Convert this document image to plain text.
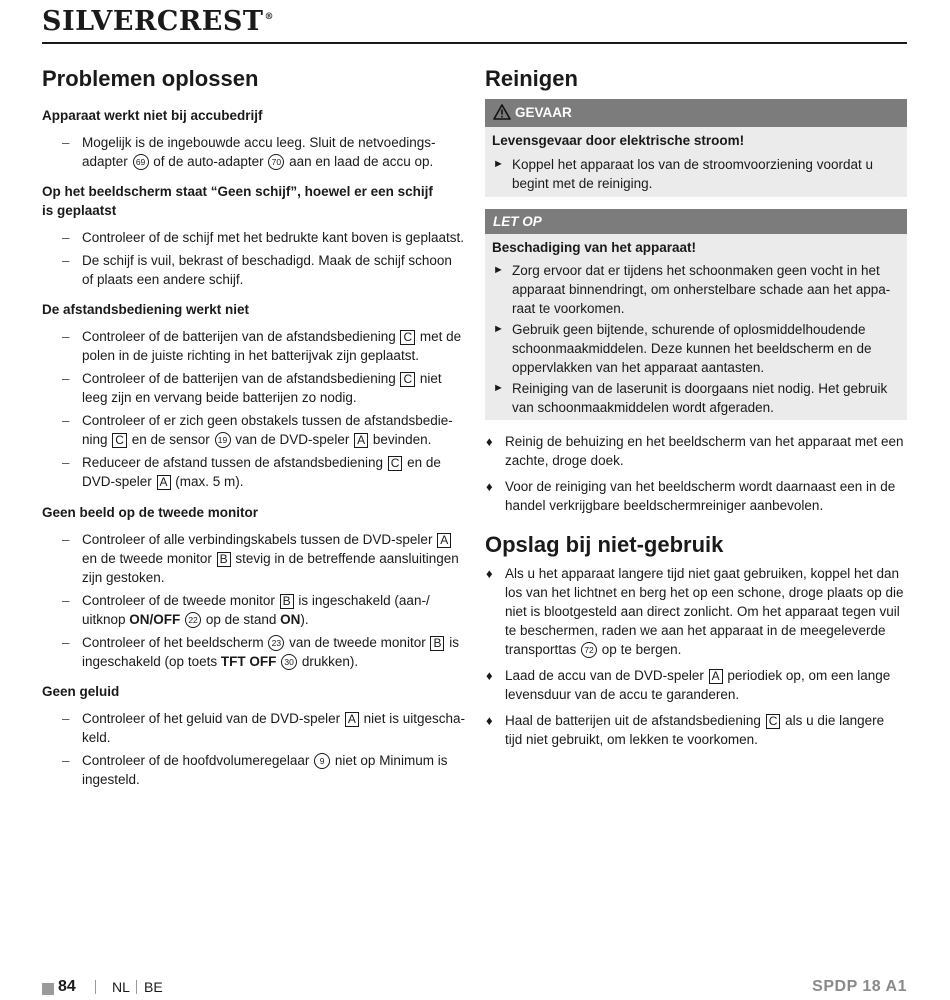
SILVERCREST®
Problemen oplossen

Apparaat werkt niet bij accubedrijf

– Mogelijk is de ingebouwde accu leeg. Sluit de netvoedings-
adapter 69 of de auto-adapter 70 aan en laad de accu op.

Op het beeldscherm staat “Geen schijf”, hoewel er een schijf
is geplaatst

– Controleer of de schijf met het bedrukte kant boven is geplaatst.
– De schijf is vuil, bekrast of beschadigd. Maak de schijf schoon
of plaats een andere schijf.

De afstandsbediening werkt niet

– Controleer of de batterijen van de afstandsbediening C met de
polen in de juiste richting in het batterijvak zijn geplaatst.
– Controleer of de batterijen van de afstandsbediening C niet
leeg zijn en vervang beide batterijen zo nodig.
– Controleer of er zich geen obstakels tussen de afstandsbedie-
ning C en de sensor 19 van de DVD-speler A bevinden.
– Reduceer de afstand tussen de afstandsbediening C en de
DVD-speler A (max. 5 m).

Geen beeld op de tweede monitor

– Controleer of alle verbindingskabels tussen de DVD-speler A
en de tweede monitor B stevig in de betreffende aansluitingen
zijn gestoken.
– Controleer of de tweede monitor B is ingeschakeld (aan-/
uitknop ON/OFF 22 op de stand ON).
– Controleer of het beeldscherm 23 van de tweede monitor B is
ingeschakeld (op toets TFT OFF 30 drukken).

Geen geluid

– Controleer of het geluid van de DVD-speler A niet is uitgescha-
keld.
– Controleer of de hoofdvolumeregelaar 9 niet op Minimum is
ingesteld.
Reinigen
GEVAAR
Levensgevaar door elektrische stroom!
► Koppel het apparaat los van de stroomvoorziening voordat u
begint met de reiniging.
LET OP
Beschadiging van het apparaat!
► Zorg ervoor dat er tijdens het schoonmaken geen vocht in het
apparaat binnendringt, om onherstelbare schade aan het appa-
raat te voorkomen.
► Gebruik geen bijtende, schurende of oplosmiddelhoudende
schoonmaakmiddelen. Deze kunnen het beeldscherm en de
oppervlakken van het apparaat aantasten.
► Reiniging van de laserunit is doorgaans niet nodig. Het gebruik
van schoonmaakmiddelen wordt afgeraden.
♦ Reinig de behuizing en het beeldscherm van het apparaat met een
zachte, droge doek.
♦ Voor de reiniging van het beeldscherm wordt daarnaast een in de
handel verkrijgbare beeldschermreiniger aanbevolen.
Opslag bij niet-gebruik
♦ Als u het apparaat langere tijd niet gaat gebruiken, koppel het dan
los van het lichtnet en berg het op een schone, droge plaats op die
niet is blootgesteld aan direct zonlicht. Om het apparaat tegen vuil
te beschermen, raden we aan het apparaat in de meegeleverde
transporttas 72 op te bergen.
♦ Laad de accu van de DVD-speler A periodiek op, om een lange
levensduur van de accu te garanderen.
♦ Haal de batterijen uit de afstandsbediening C als u die langere
tijd niet gebruikt, om lekken te voorkomen.
84	NL BE	SPDP 18 A1
